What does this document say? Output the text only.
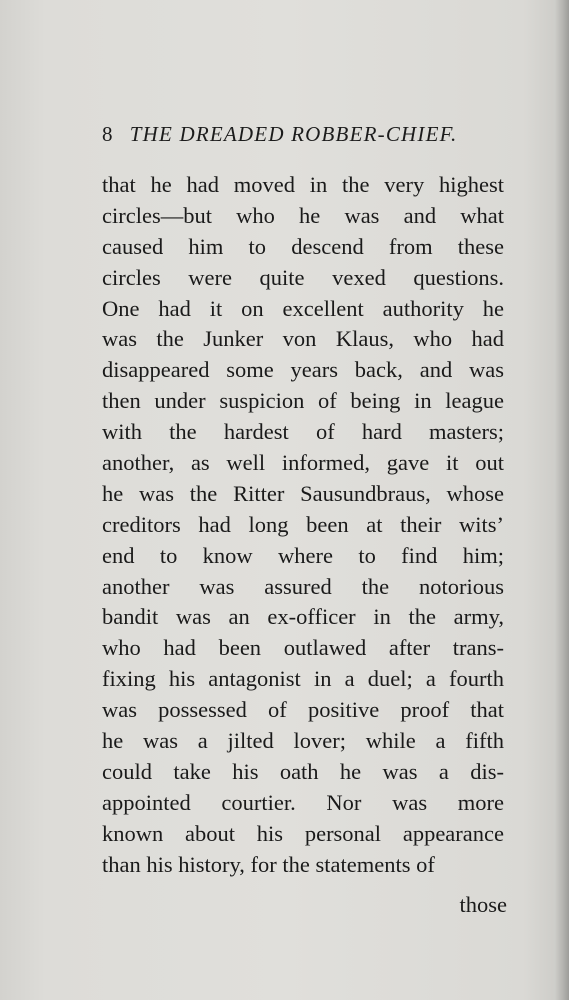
8 THE DREADED ROBBER-CHIEF.
that he had moved in the very highest
circles—but who he was and what
caused him to descend from these
circles were quite vexed questions.
One had it on excellent authority he
was the Junker von Klaus, who had
disappeared some years back, and was
then under suspicion of being in league
with the hardest of hard masters;
another, as well informed, gave it out
he was the Ritter Sausundbraus, whose
creditors had long been at their wits’
end to know where to find him;
another was assured the notorious
bandit was an ex-officer in the army,
who had been outlawed after trans-
fixing his antagonist in a duel; a fourth
was possessed of positive proof that
he was a jilted lover; while a fifth
could take his oath he was a dis-
appointed courtier. Nor was more
known about his personal appearance
than his history, for the statements of
those
